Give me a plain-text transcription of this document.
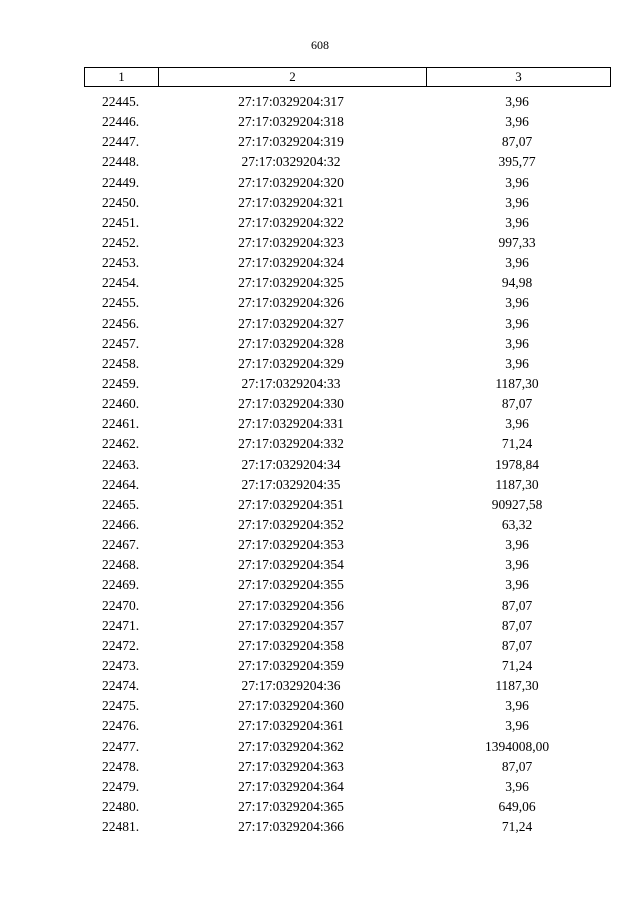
608
1	2	3
22445.	27:17:0329204:317	3,96
22446.	27:17:0329204:318	3,96
22447.	27:17:0329204:319	87,07
22448.	27:17:0329204:32	395,77
22449.	27:17:0329204:320	3,96
22450.	27:17:0329204:321	3,96
22451.	27:17:0329204:322	3,96
22452.	27:17:0329204:323	997,33
22453.	27:17:0329204:324	3,96
22454.	27:17:0329204:325	94,98
22455.	27:17:0329204:326	3,96
22456.	27:17:0329204:327	3,96
22457.	27:17:0329204:328	3,96
22458.	27:17:0329204:329	3,96
22459.	27:17:0329204:33	1187,30
22460.	27:17:0329204:330	87,07
22461.	27:17:0329204:331	3,96
22462.	27:17:0329204:332	71,24
22463.	27:17:0329204:34	1978,84
22464.	27:17:0329204:35	1187,30
22465.	27:17:0329204:351	90927,58
22466.	27:17:0329204:352	63,32
22467.	27:17:0329204:353	3,96
22468.	27:17:0329204:354	3,96
22469.	27:17:0329204:355	3,96
22470.	27:17:0329204:356	87,07
22471.	27:17:0329204:357	87,07
22472.	27:17:0329204:358	87,07
22473.	27:17:0329204:359	71,24
22474.	27:17:0329204:36	1187,30
22475.	27:17:0329204:360	3,96
22476.	27:17:0329204:361	3,96
22477.	27:17:0329204:362	1394008,00
22478.	27:17:0329204:363	87,07
22479.	27:17:0329204:364	3,96
22480.	27:17:0329204:365	649,06
22481.	27:17:0329204:366	71,24
